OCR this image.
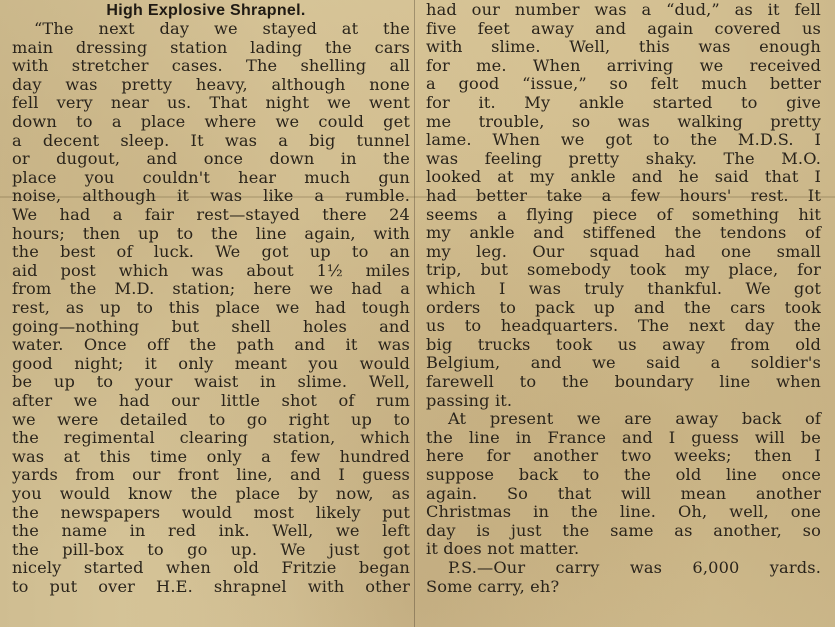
High Explosive Shrapnel.
“The next day we stayed at the
main dressing station lading the cars
with stretcher cases. The shelling all
day was pretty heavy, although none
fell very near us. That night we went
down to a place where we could get
a decent sleep. It was a big tunnel
or dugout, and once down in the
place you couldn't hear much gun
noise, although it was like a rumble.
We had a fair rest—stayed there 24
hours; then up to the line again, with
the best of luck. We got up to an
aid post which was about 1½ miles
from the M.D. station; here we had a
rest, as up to this place we had tough
going—nothing but shell holes and
water. Once off the path and it was
good night; it only meant you would
be up to your waist in slime. Well,
after we had our little shot of rum
we were detailed to go right up to
the regimental clearing station, which
was at this time only a few hundred
yards from our front line, and I guess
you would know the place by now, as
the newspapers would most likely put
the name in red ink. Well, we left
the pill-box to go up. We just got
nicely started when old Fritzie began
to put over H.E. shrapnel with other
had our number was a “dud,” as it fell
five feet away and again covered us
with slime. Well, this was enough
for me. When arriving we received
a good “issue,” so felt much better
for it. My ankle started to give
me trouble, so was walking pretty
lame. When we got to the M.D.S. I
was feeling pretty shaky. The M.O.
looked at my ankle and he said that I
had better take a few hours' rest. It
seems a flying piece of something hit
my ankle and stiffened the tendons of
my leg. Our squad had one small
trip, but somebody took my place, for
which I was truly thankful. We got
orders to pack up and the cars took
us to headquarters. The next day the
big trucks took us away from old
Belgium, and we said a soldier's
farewell to the boundary line when
passing it.
At present we are away back of
the line in France and I guess will be
here for another two weeks; then I
suppose back to the old line once
again. So that will mean another
Christmas in the line. Oh, well, one
day is just the same as another, so
it does not matter.
P.S.—Our carry was 6,000 yards.
Some carry, eh?
